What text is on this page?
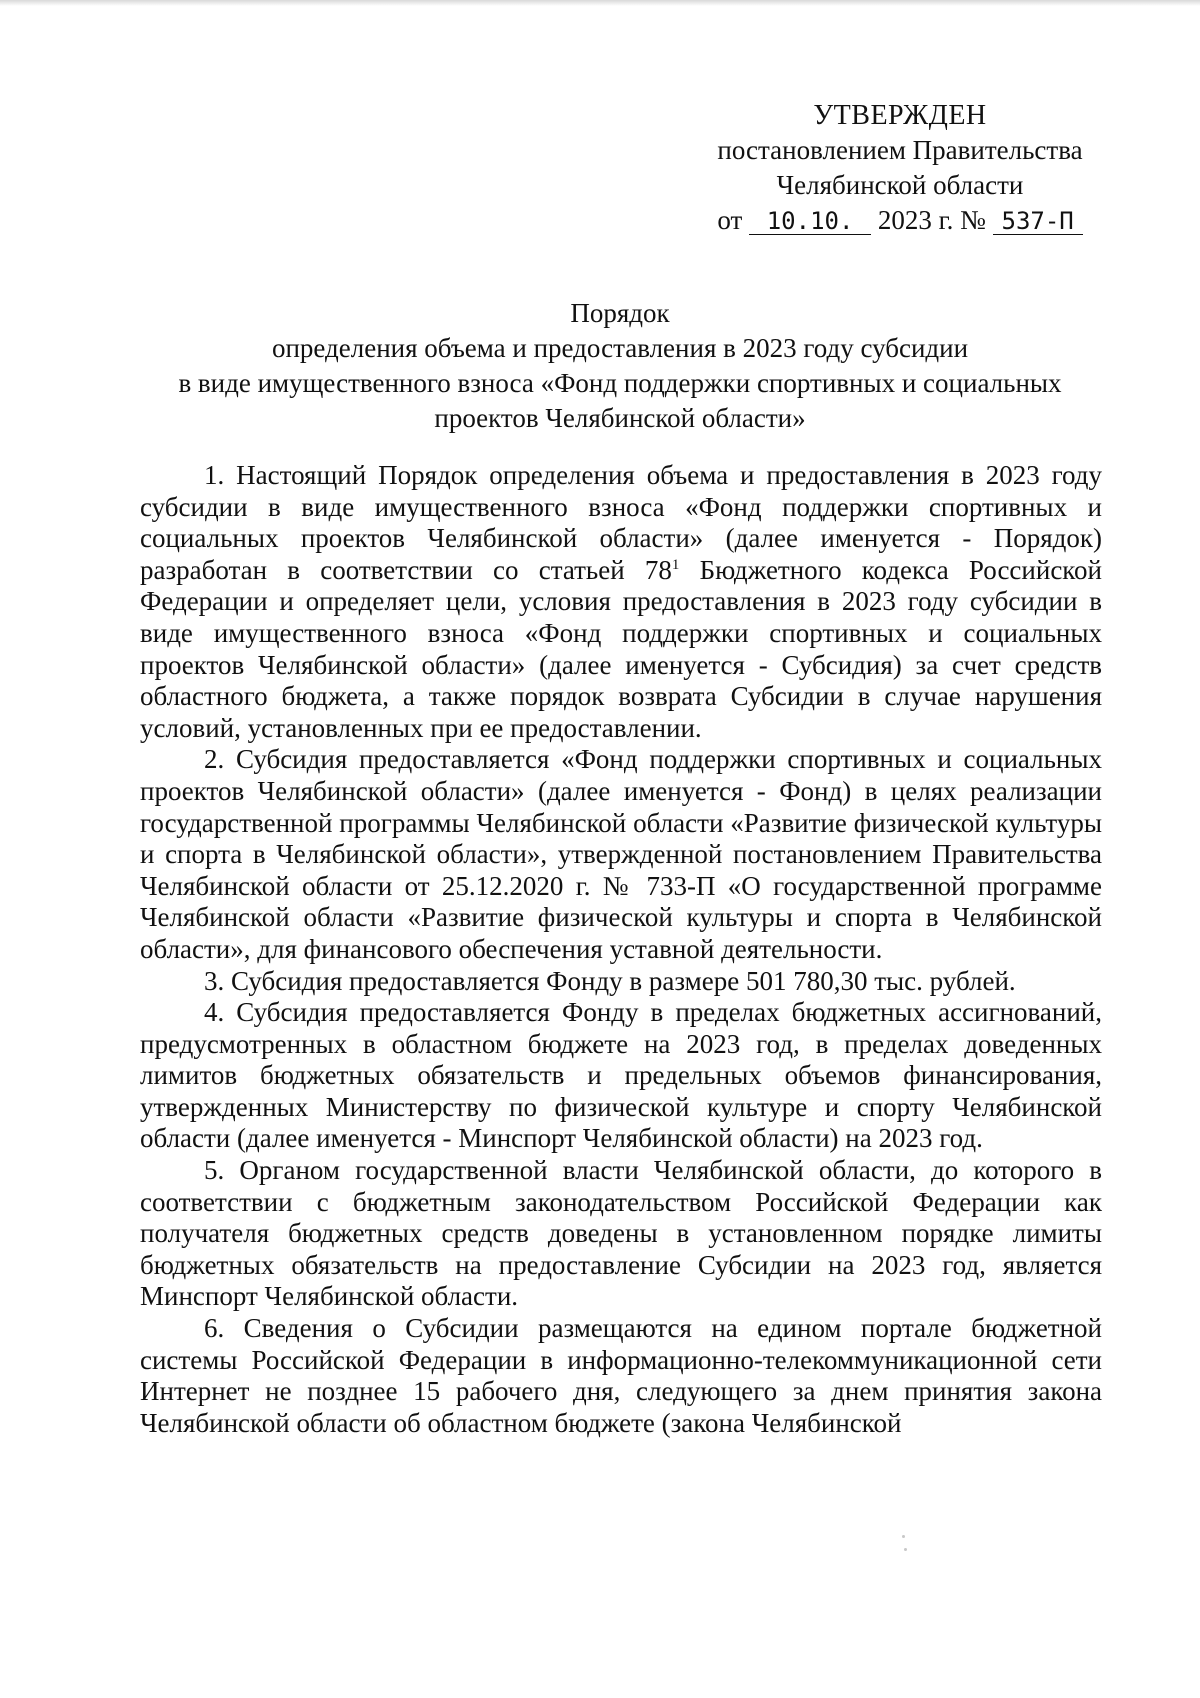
УТВЕРЖДЕН
постановлением Правительства
Челябинской области
от 10.10. 2023 г. № 537-П
Порядок
определения объема и предоставления в 2023 году субсидии
в виде имущественного взноса «Фонд поддержки спортивных и социальных
проектов Челябинской области»

1. Настоящий Порядок определения объема и предоставления в 2023 году субсидии в виде имущественного взноса «Фонд поддержки спортивных и социальных проектов Челябинской области» (далее именуется - Порядок) разработан в соответствии со статьей $78^1$ Бюджетного кодекса Российской Федерации и определяет цели, условия предоставления в 2023 году субсидии в виде имущественного взноса «Фонд поддержки спортивных и социальных проектов Челябинской области» (далее именуется - Субсидия) за счет средств областного бюджета, а также порядок возврата Субсидии в случае нарушения условий, установленных при ее предоставлении.

2. Субсидия предоставляется «Фонд поддержки спортивных и социальных проектов Челябинской области» (далее именуется - Фонд) в целях реализации государственной программы Челябинской области «Развитие физической культуры и спорта в Челябинской области», утвержденной постановлением Правительства Челябинской области от 25.12.2020 г. № 733-П «О государственной программе Челябинской области «Развитие физической культуры и спорта в Челябинской области», для финансового обеспечения уставной деятельности.

3. Субсидия предоставляется Фонду в размере 501 780,30 тыс. рублей.

4. Субсидия предоставляется Фонду в пределах бюджетных ассигнований, предусмотренных в областном бюджете на 2023 год, в пределах доведенных лимитов бюджетных обязательств и предельных объемов финансирования, утвержденных Министерству по физической культуре и спорту Челябинской области (далее именуется - Минспорт Челябинской области) на 2023 год.

5. Органом государственной власти Челябинской области, до которого в соответствии с бюджетным законодательством Российской Федерации как получателя бюджетных средств доведены в установленном порядке лимиты бюджетных обязательств на предоставление Субсидии на 2023 год, является Минспорт Челябинской области.

6. Сведения о Субсидии размещаются на едином портале бюджетной системы Российской Федерации в информационно-телекоммуникационной сети Интернет не позднее 15 рабочего дня, следующего за днем принятия закона Челябинской области об областном бюджете (закона Челябинской
